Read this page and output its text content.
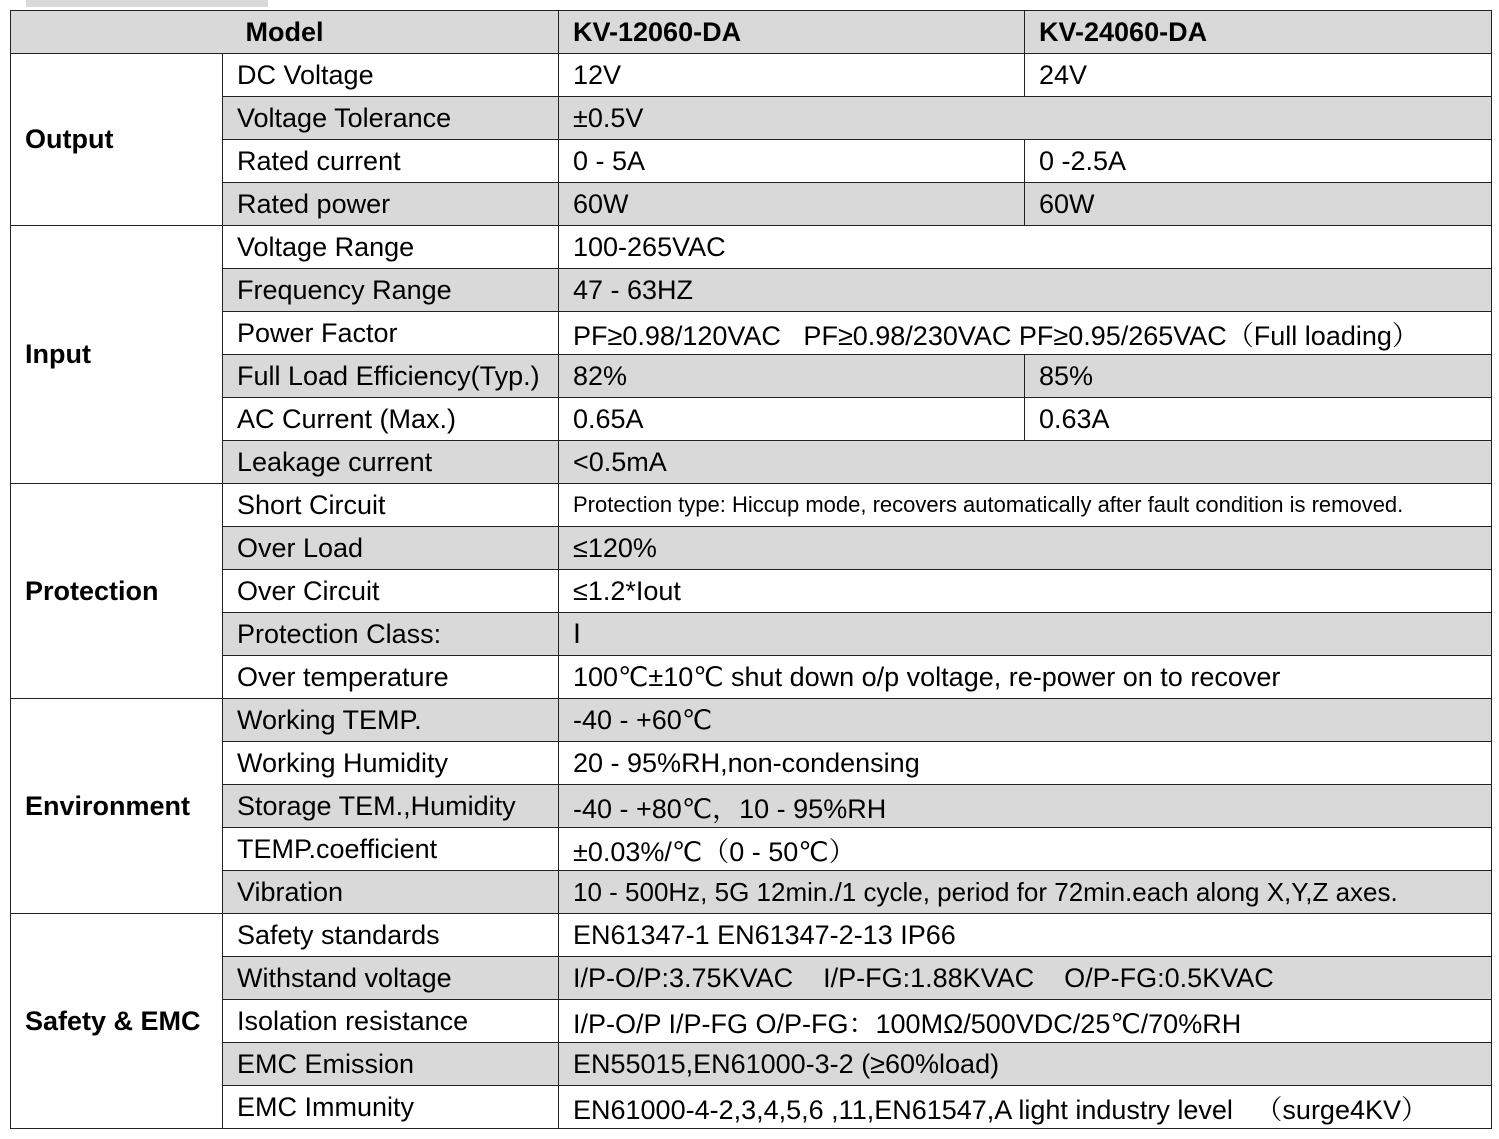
Model		KV-12060-DA	KV-24060-DA
Output	DC Voltage	12V	24V
	Voltage Tolerance	±0.5V	
	Rated current	0 - 5A	0 -2.5A
	Rated power	60W	60W
Input	Voltage Range	100-265VAC	
	Frequency Range	47 - 63HZ	
	Power Factor	PF≥0.98/120VAC   PF≥0.98/230VAC PF≥0.95/265VAC（Full loading）	
	Full Load Efficiency(Typ.)	82%	85%
	AC Current (Max.)	0.65A	0.63A
	Leakage current	<0.5mA	
Protection	Short Circuit	Protection type: Hiccup mode, recovers automatically after fault condition is removed.	
	Over Load	≤120%	
	Over Circuit	≤1.2*Iout	
	Protection Class:	Ⅰ	
	Over temperature	100℃±10℃ shut down o/p voltage, re-power on to recover	
Environment	Working TEMP.	-40 - +60℃	
	Working Humidity	20 - 95%RH,non-condensing	
	Storage TEM.,Humidity	-40 - +80℃，10 - 95%RH	
	TEMP.coefficient	±0.03%/℃（0 - 50℃）	
	Vibration	10 - 500Hz, 5G 12min./1 cycle, period for 72min.each along X,Y,Z axes.	
Safety & EMC	Safety standards	EN61347-1 EN61347-2-13 IP66	
	Withstand voltage	I/P-O/P:3.75KVAC    I/P-FG:1.88KVAC    O/P-FG:0.5KVAC	
	Isolation resistance	I/P-O/P I/P-FG O/P-FG：100MΩ/500VDC/25℃/70%RH	
	EMC Emission	EN55015,EN61000-3-2 (≥60%load)	
	EMC Immunity	EN61000-4-2,3,4,5,6 ,11,EN61547,A light industry level   （surge4KV）	
